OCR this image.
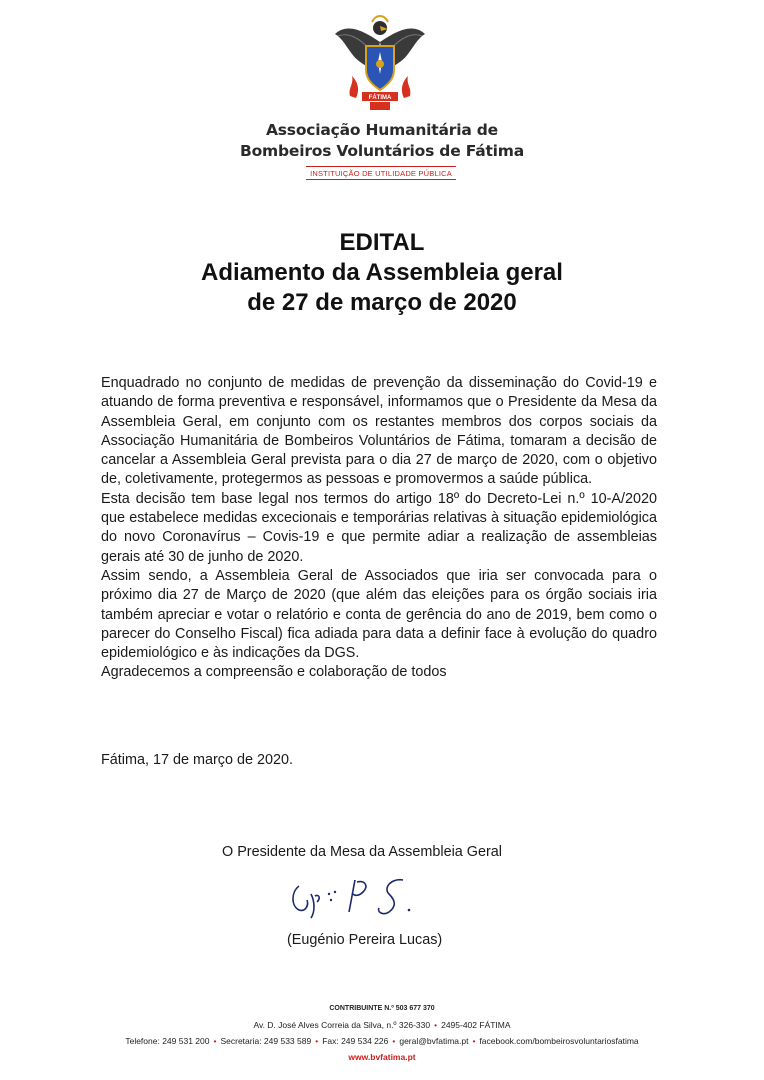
FÁTIMA
Associação Humanitária de
Bombeiros Voluntários de Fátima
INSTITUIÇÃO DE UTILIDADE PÚBLICA
EDITAL
Adiamento da Assembleia geral
de 27 de março de 2020

Enquadrado no conjunto de medidas de prevenção da disseminação do Covid-19 e atuando de forma preventiva e responsável, informamos que o Presidente da Mesa da Assembleia Geral, em conjunto com os restantes membros dos corpos sociais da Associação Humanitária de Bombeiros Voluntários de Fátima, tomaram a decisão de cancelar a Assembleia Geral prevista para o dia 27 de março de 2020, com o objetivo de, coletivamente, protegermos as pessoas e promovermos a saúde pública.

Esta decisão tem base legal nos termos do artigo 18º do Decreto-Lei n.º 10-A/2020 que estabelece medidas excecionais e temporárias relativas à situação epidemiológica do novo Coronavírus – Covis-19 e que permite adiar a realização de assembleias gerais até 30 de junho de 2020.

Assim sendo, a Assembleia Geral de Associados que iria ser convocada para o próximo dia 27 de Março de 2020 (que além das eleições para os órgão sociais iria também apreciar e votar o relatório e conta de gerência do ano de 2019, bem como o parecer do Conselho Fiscal) fica adiada para data a definir face à evolução do quadro epidemiológico e às indicações da DGS.

Agradecemos a compreensão e colaboração de todos

Fátima, 17 de março de 2020.
O Presidente da Mesa da Assembleia Geral
(Eugénio Pereira Lucas)
CONTRIBUINTE N.º 503 677 370
Av. D. José Alves Correia da Silva, n.º 326-330 • 2495-402 FÁTIMA
Telefone: 249 531 200 • Secretaria: 249 533 589 • Fax: 249 534 226 • geral@bvfatima.pt • facebook.com/bombeirosvoluntariosfatima
www.bvfatima.pt
